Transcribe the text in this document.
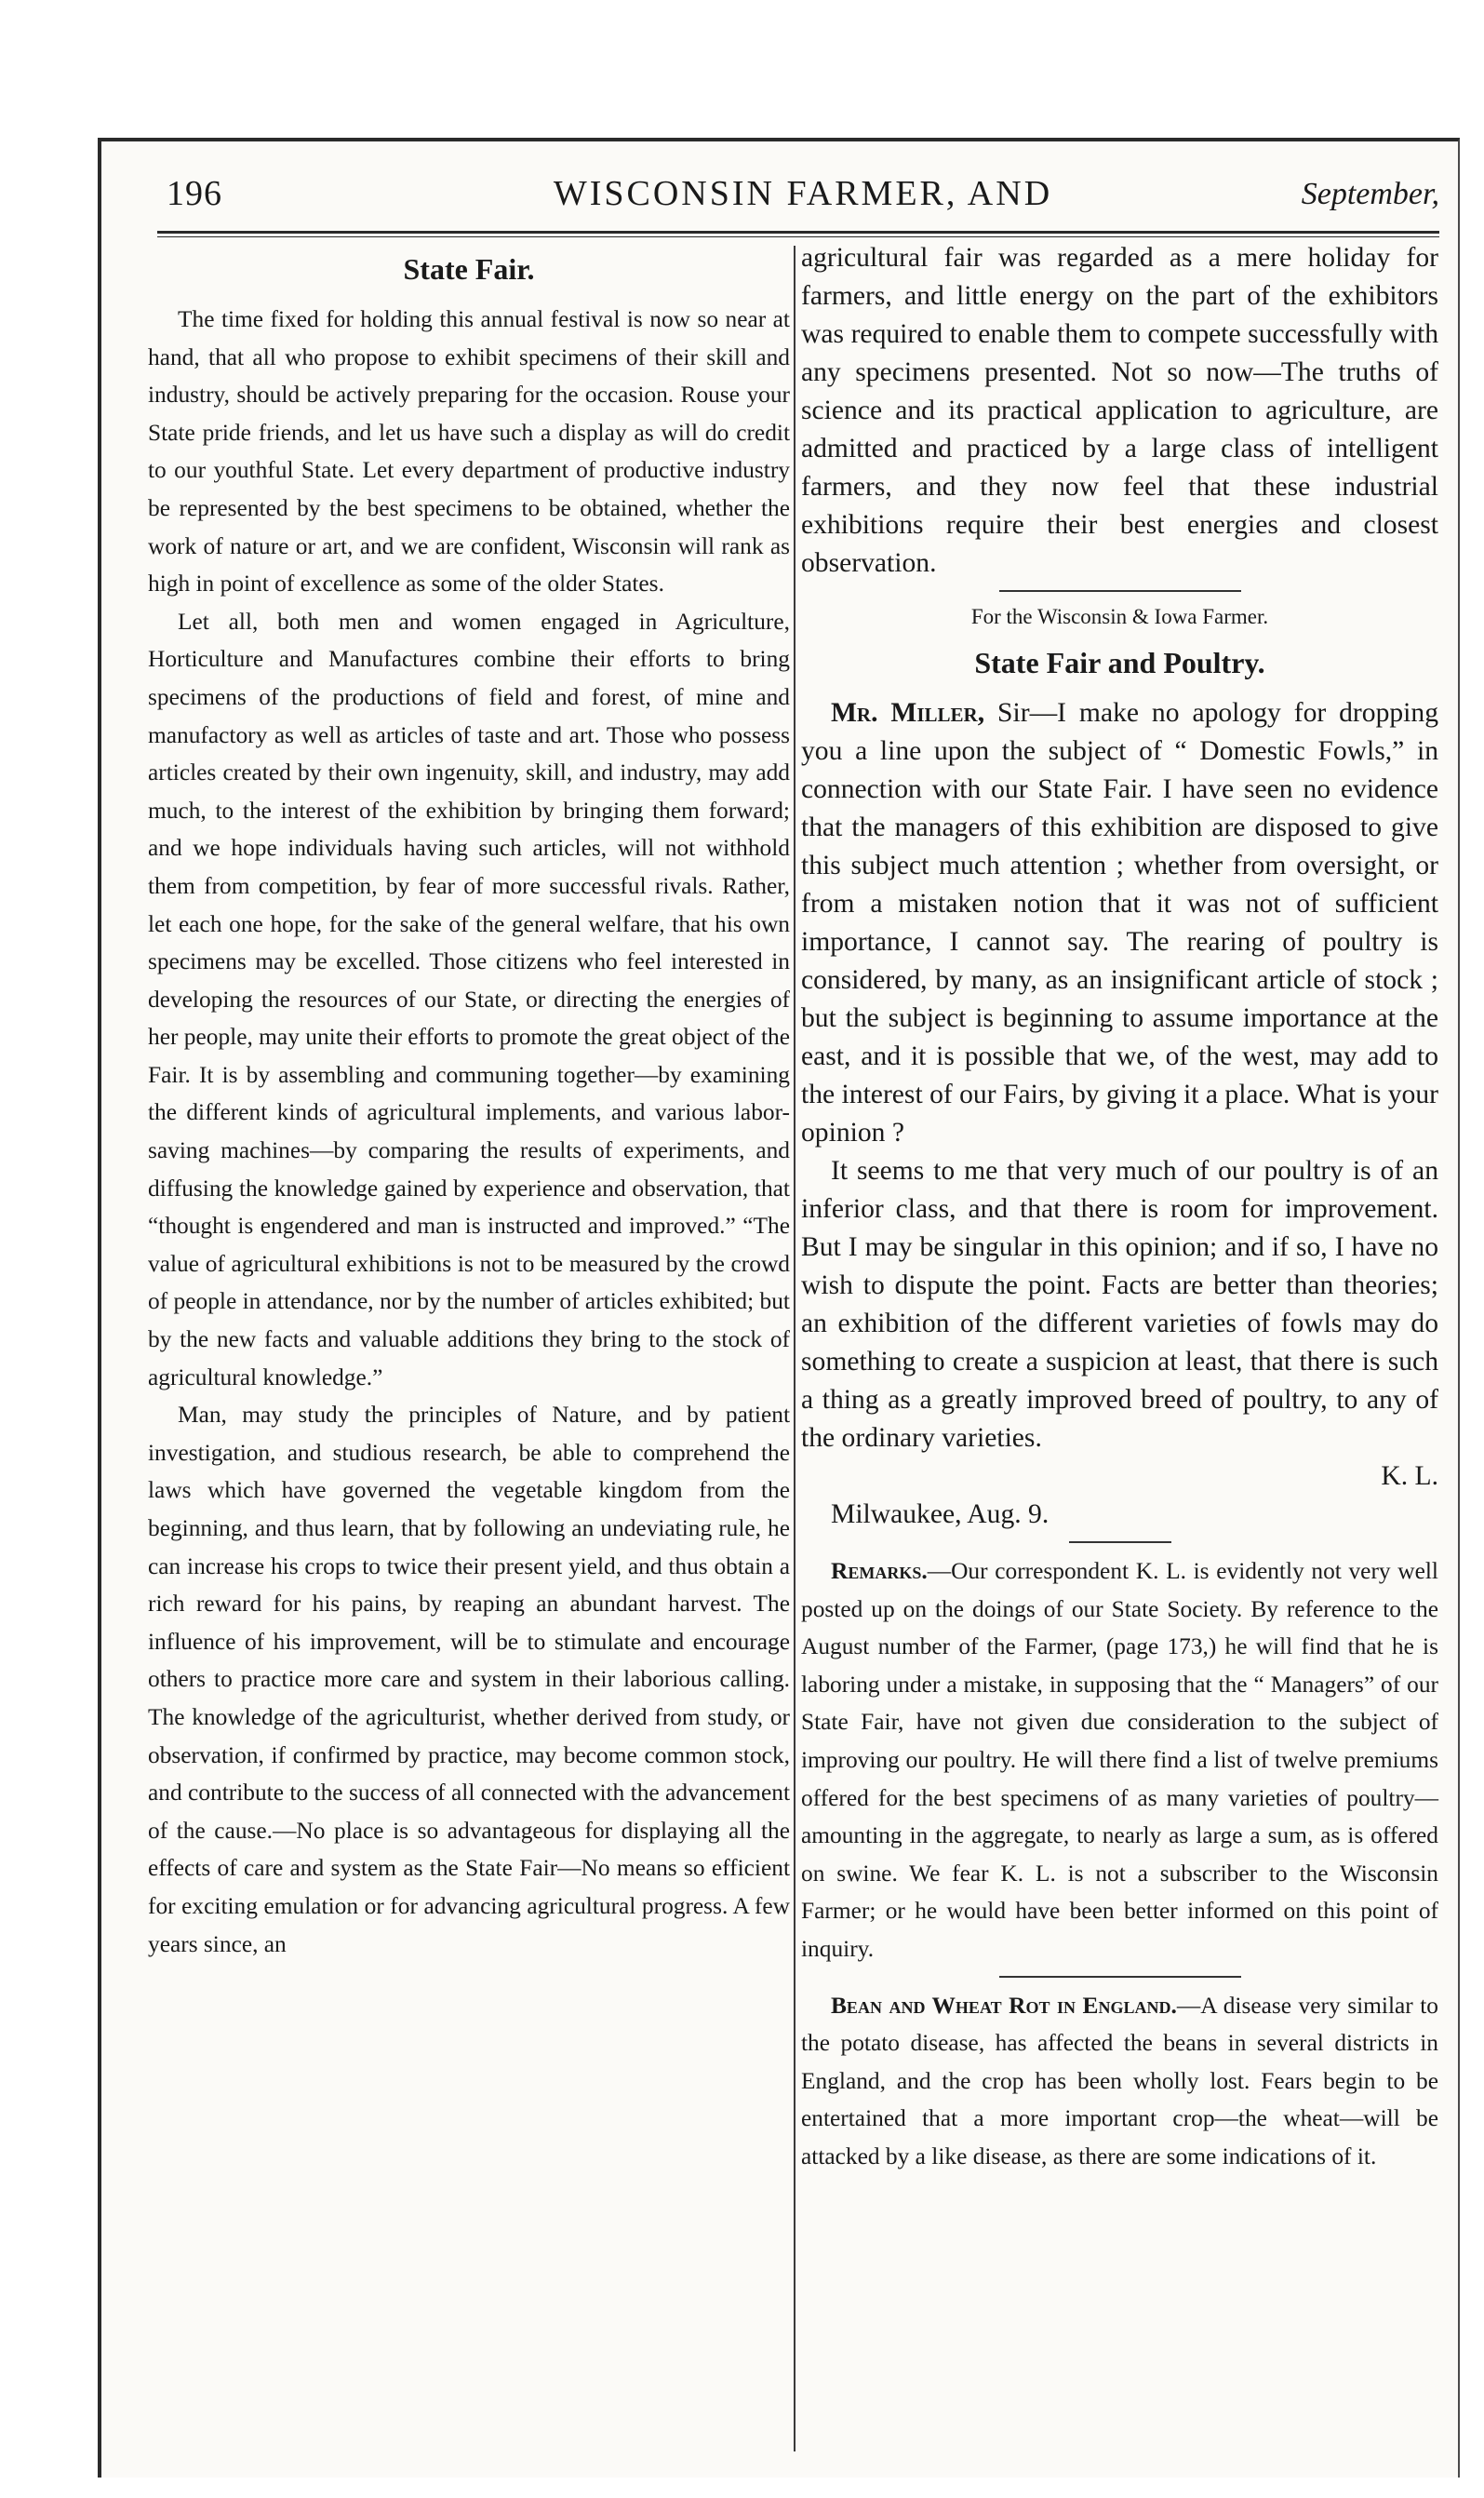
196	WISCONSIN FARMER, AND	September,
State Fair.

The time fixed for holding this annual festival is now so near at hand, that all who propose to exhibit specimens of their skill and industry, should be actively preparing for the occasion. Rouse your State pride friends, and let us have such a display as will do credit to our youthful State. Let every department of productive industry be represented by the best specimens to be obtained, whether the work of nature or art, and we are confident, Wisconsin will rank as high in point of excellence as some of the older States.

Let all, both men and women engaged in Agriculture, Horticulture and Manufactures combine their efforts to bring specimens of the productions of field and forest, of mine and manufactory as well as articles of taste and art. Those who possess articles created by their own ingenuity, skill, and industry, may add much, to the interest of the exhibition by bringing them forward; and we hope individuals having such articles, will not withhold them from competition, by fear of more successful rivals. Rather, let each one hope, for the sake of the general welfare, that his own specimens may be excelled. Those citizens who feel interested in developing the resources of our State, or directing the energies of her people, may unite their efforts to promote the great object of the Fair. It is by assembling and communing together—by examining the different kinds of agricultural implements, and various labor-saving machines—by comparing the results of experiments, and diffusing the knowledge gained by experience and observation, that “thought is engendered and man is instructed and improved.” “The value of agricultural exhibitions is not to be measured by the crowd of people in attendance, nor by the number of articles exhibited; but by the new facts and valuable additions they bring to the stock of agricultural knowledge.”

Man, may study the principles of Nature, and by patient investigation, and studious research, be able to comprehend the laws which have governed the vegetable kingdom from the beginning, and thus learn, that by following an undeviating rule, he can increase his crops to twice their present yield, and thus obtain a rich reward for his pains, by reaping an abundant harvest. The influence of his improvement, will be to stimulate and encourage others to practice more care and system in their laborious calling. The knowledge of the agriculturist, whether derived from study, or observation, if confirmed by practice, may become common stock, and contribute to the success of all connected with the advancement of the cause.—No place is so advantageous for displaying all the effects of care and system as the State Fair—No means so efficient for exciting emulation or for advancing agricultural progress. A few years since, an

agricultural fair was regarded as a mere holiday for farmers, and little energy on the part of the exhibitors was required to enable them to compete successfully with any specimens presented. Not so now—The truths of science and its practical application to agriculture, are admitted and practiced by a large class of intelligent farmers, and they now feel that these industrial exhibitions require their best energies and closest observation.

For the Wisconsin & Iowa Farmer.
State Fair and Poultry.

Mr. Miller, Sir—I make no apology for dropping you a line upon the subject of “ Domestic Fowls,” in connection with our State Fair. I have seen no evidence that the managers of this exhibition are disposed to give this subject much attention ; whether from oversight, or from a mistaken notion that it was not of sufficient importance, I cannot say. The rearing of poultry is considered, by many, as an insignificant article of stock ; but the subject is beginning to assume importance at the east, and it is possible that we, of the west, may add to the interest of our Fairs, by giving it a place. What is your opinion ?

It seems to me that very much of our poultry is of an inferior class, and that there is room for improvement. But I may be singular in this opinion; and if so, I have no wish to dispute the point. Facts are better than theories; an exhibition of the different varieties of fowls may do something to create a suspicion at least, that there is such a thing as a greatly improved breed of poultry, to any of the ordinary varieties.

K. L.

Milwaukee, Aug. 9.

Remarks.—Our correspondent K. L. is evidently not very well posted up on the doings of our State Society. By reference to the August number of the Farmer, (page 173,) he will find that he is laboring under a mistake, in supposing that the “ Managers” of our State Fair, have not given due consideration to the subject of improving our poultry. He will there find a list of twelve premiums offered for the best specimens of as many varieties of poultry—amounting in the aggregate, to nearly as large a sum, as is offered on swine. We fear K. L. is not a subscriber to the Wisconsin Farmer; or he would have been better informed on this point of inquiry.

Bean and Wheat Rot in England.—A disease very similar to the potato disease, has affected the beans in several districts in England, and the crop has been wholly lost. Fears begin to be entertained that a more important crop—the wheat—will be attacked by a like disease, as there are some indications of it.
